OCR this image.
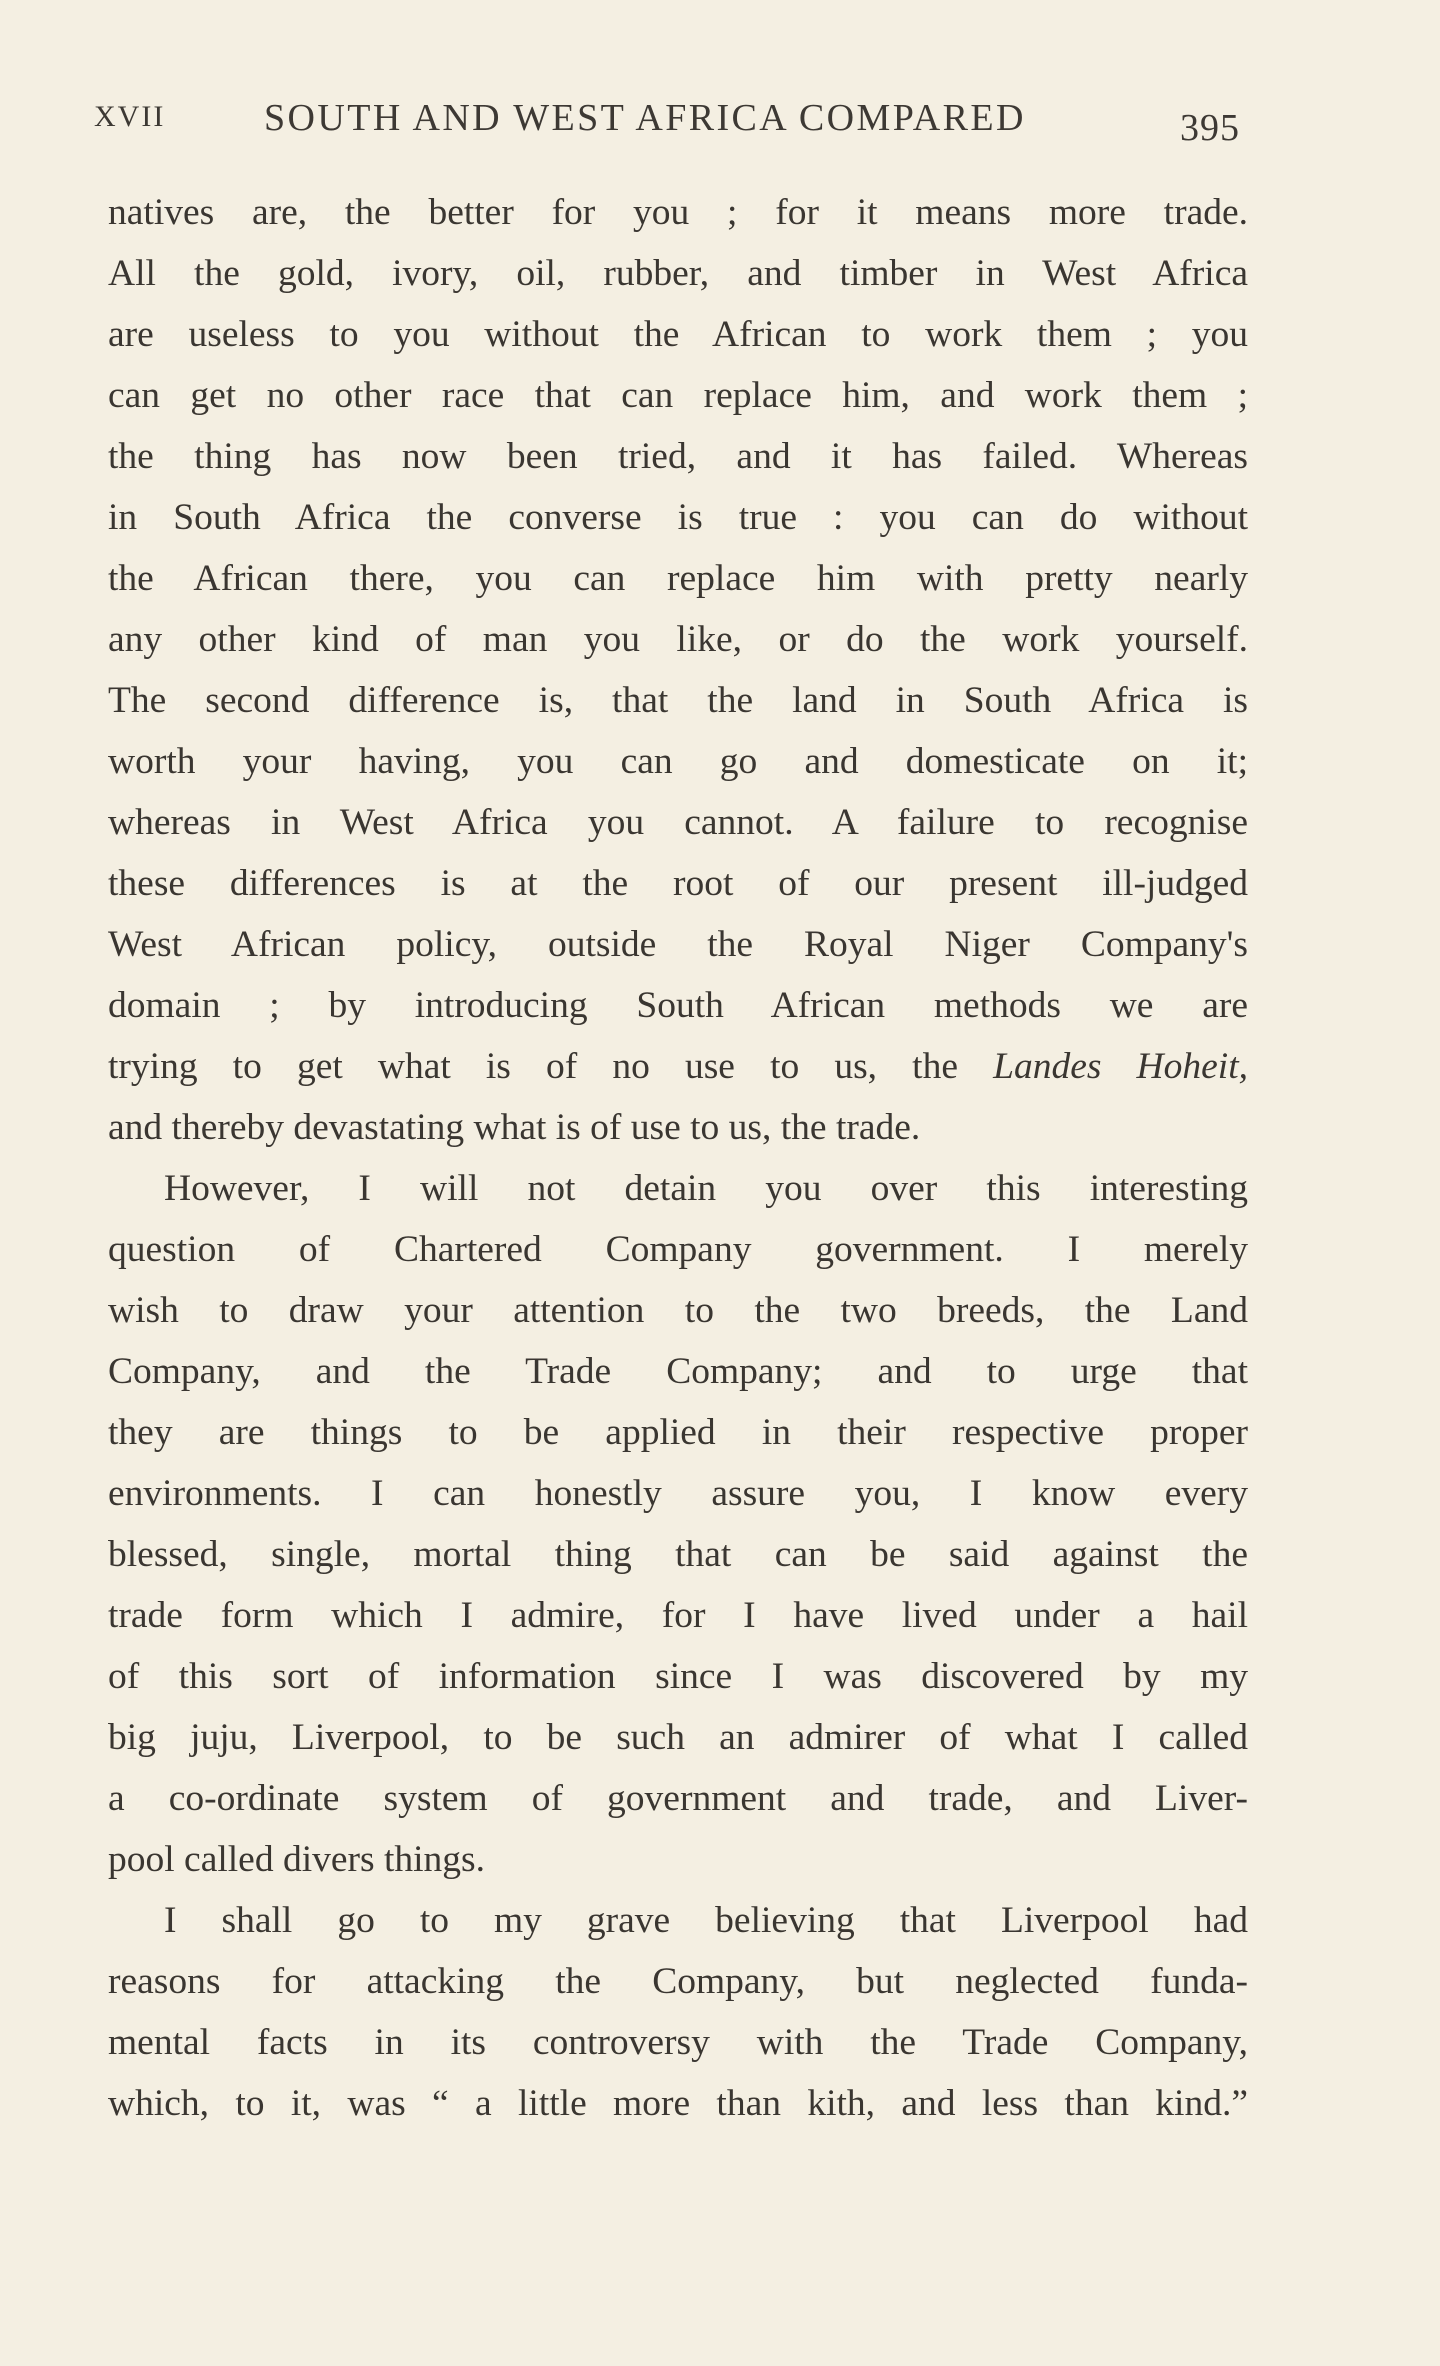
XVII	SOUTH AND WEST AFRICA COMPARED	395
natives are, the better for you ; for it means more trade.
All the gold, ivory, oil, rubber, and timber in West Africa
are useless to you without the African to work them ; you
can get no other race that can replace him, and work them ;
the thing has now been tried, and it has failed. Whereas
in South Africa the converse is true : you can do without
the African there, you can replace him with pretty nearly
any other kind of man you like, or do the work yourself.
The second difference is, that the land in South Africa is
worth your having, you can go and domesticate on it;
whereas in West Africa you cannot. A failure to recognise
these differences is at the root of our present ill-judged
West African policy, outside the Royal Niger Company's
domain ; by introducing South African methods we are
trying to get what is of no use to us, the Landes Hoheit,
and thereby devastating what is of use to us, the trade.
However, I will not detain you over this interesting
question of Chartered Company government. I merely
wish to draw your attention to the two breeds, the Land
Company, and the Trade Company; and to urge that
they are things to be applied in their respective proper
environments. I can honestly assure you, I know every
blessed, single, mortal thing that can be said against the
trade form which I admire, for I have lived under a hail
of this sort of information since I was discovered by my
big juju, Liverpool, to be such an admirer of what I called
a co-ordinate system of government and trade, and Liver-
pool called divers things.
I shall go to my grave believing that Liverpool had
reasons for attacking the Company, but neglected funda-
mental facts in its controversy with the Trade Company,
which, to it, was “ a little more than kith, and less than kind.”
